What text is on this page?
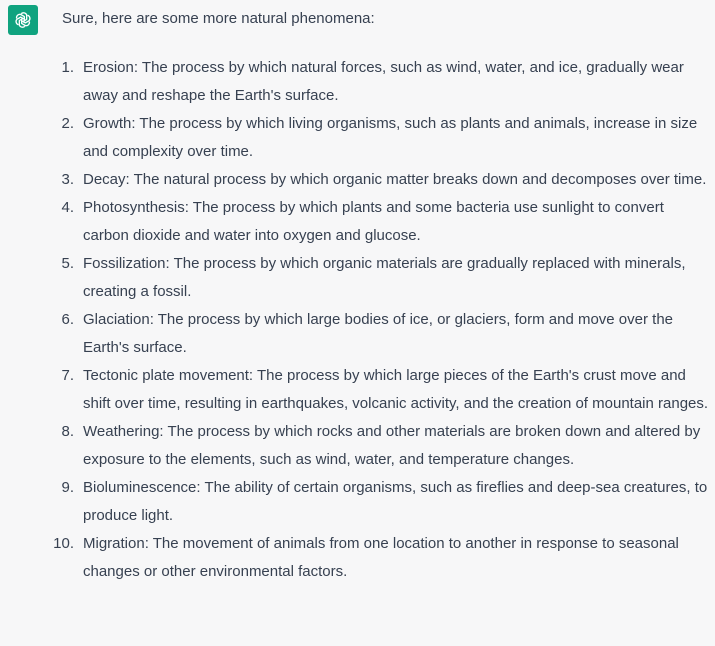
Sure, here are some more natural phenomena:

1. Erosion: The process by which natural forces, such as wind, water, and ice, gradually wear away and reshape the Earth's surface.
2. Growth: The process by which living organisms, such as plants and animals, increase in size and complexity over time.
3. Decay: The natural process by which organic matter breaks down and decomposes over time.
4. Photosynthesis: The process by which plants and some bacteria use sunlight to convert carbon dioxide and water into oxygen and glucose.
5. Fossilization: The process by which organic materials are gradually replaced with minerals, creating a fossil.
6. Glaciation: The process by which large bodies of ice, or glaciers, form and move over the Earth's surface.
7. Tectonic plate movement: The process by which large pieces of the Earth's crust move and shift over time, resulting in earthquakes, volcanic activity, and the creation of mountain ranges.
8. Weathering: The process by which rocks and other materials are broken down and altered by exposure to the elements, such as wind, water, and temperature changes.
9. Bioluminescence: The ability of certain organisms, such as fireflies and deep-sea creatures, to produce light.
10. Migration: The movement of animals from one location to another in response to seasonal changes or other environmental factors.
